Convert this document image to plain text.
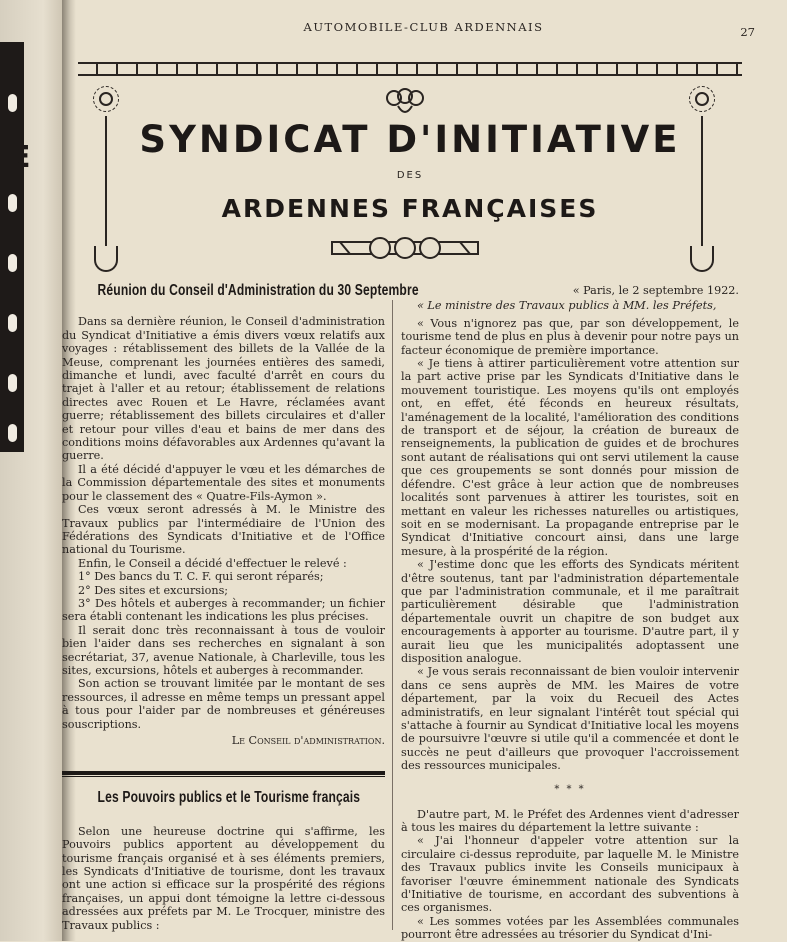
E
AUTOMOBILE-CLUB ARDENNAIS	27
SYNDICAT D'INITIATIVE
DES
ARDENNES FRANÇAISES
Réunion du Conseil d'Administration du 30 Septembre

Dans sa dernière réunion, le Conseil d'administration du Syndicat d'Initiative a émis divers vœux relatifs aux voyages : rétablissement des billets de la Vallée de la Meuse, comprenant les journées entières des samedi, dimanche et lundi, avec faculté d'arrêt en cours du trajet à l'aller et au retour; établissement de relations directes avec Rouen et Le Havre, réclamées avant guerre; rétablissement des billets circulaires et d'aller et retour pour villes d'eau et bains de mer dans des conditions moins défavorables aux Ardennes qu'avant la guerre.

Il a été décidé d'appuyer le vœu et les démarches de la Commission départementale des sites et monuments pour le classement des « Quatre-Fils-Aymon ».

Ces vœux seront adressés à M. le Ministre des Travaux publics par l'intermédiaire de l'Union des Fédérations des Syndicats d'Initiative et de l'Office national du Tourisme.

Enfin, le Conseil a décidé d'effectuer le relevé :

1° Des bancs du T. C. F. qui seront réparés;

2° Des sites et excursions;

3° Des hôtels et auberges à recommander; un fichier sera établi contenant les indications les plus précises.

Il serait donc très reconnaissant à tous de vouloir bien l'aider dans ses recherches en signalant à son secrétariat, 37, avenue Nationale, à Charleville, tous les sites, excursions, hôtels et auberges à recommander.

Son action se trouvant limitée par le montant de ses ressources, il adresse en même temps un pressant appel à tous pour l'aider par de nombreuses et généreuses souscriptions.

Le Conseil d'administration.
Les Pouvoirs publics et le Tourisme français

Selon une heureuse doctrine qui s'affirme, les Pouvoirs publics apportent au développement du tourisme français organisé et à ses éléments premiers, les Syndicats d'Initiative de tourisme, dont les travaux ont une action si efficace sur la prospérité des régions françaises, un appui dont témoigne la lettre ci-dessous adressées aux préfets par M. Le Trocquer, ministre des Travaux publics :

« Paris, le 2 septembre 1922.
« Le ministre des Travaux publics à MM. les Préfets,

« Vous n'ignorez pas que, par son développement, le tourisme tend de plus en plus à devenir pour notre pays un facteur économique de première importance.

« Je tiens à attirer particulièrement votre attention sur la part active prise par les Syndicats d'Initiative dans le mouvement touristique. Les moyens qu'ils ont employés ont, en effet, été féconds en heureux résultats, l'aménagement de la localité, l'amélioration des conditions de transport et de séjour, la création de bureaux de renseignements, la publication de guides et de brochures sont autant de réalisations qui ont servi utilement la cause que ces groupements se sont donnés pour mission de défendre. C'est grâce à leur action que de nombreuses localités sont parvenues à attirer les touristes, soit en mettant en valeur les richesses naturelles ou artistiques, soit en se modernisant. La propagande entreprise par le Syndicat d'Initiative concourt ainsi, dans une large mesure, à la prospérité de la région.

« J'estime donc que les efforts des Syndicats méritent d'être soutenus, tant par l'administration départementale que par l'administration communale, et il me paraîtrait particulièrement désirable que l'administration départementale ouvrit un chapitre de son budget aux encouragements à apporter au tourisme. D'autre part, il y aurait lieu que les municipalités adoptassent une disposition analogue.

« Je vous serais reconnaissant de bien vouloir intervenir dans ce sens auprès de MM. les Maires de votre département, par la voix du Recueil des Actes administratifs, en leur signalant l'intérêt tout spécial qui s'attache à fournir au Syndicat d'Initiative local les moyens de poursuivre l'œuvre si utile qu'il a commencée et dont le succès ne peut d'ailleurs que provoquer l'accroissement des ressources municipales.

* * *

D'autre part, M. le Préfet des Ardennes vient d'adresser à tous les maires du département la lettre suivante :

« J'ai l'honneur d'appeler votre attention sur la circulaire ci-dessus reproduite, par laquelle M. le Ministre des Travaux publics invite les Conseils municipaux à favoriser l'œuvre éminemment nationale des Syndicats d'Initiative de tourisme, en accordant des subventions à ces organismes.

« Les sommes votées par les Assemblées communales pourront être adressées au trésorier du Syndicat d'Ini-
